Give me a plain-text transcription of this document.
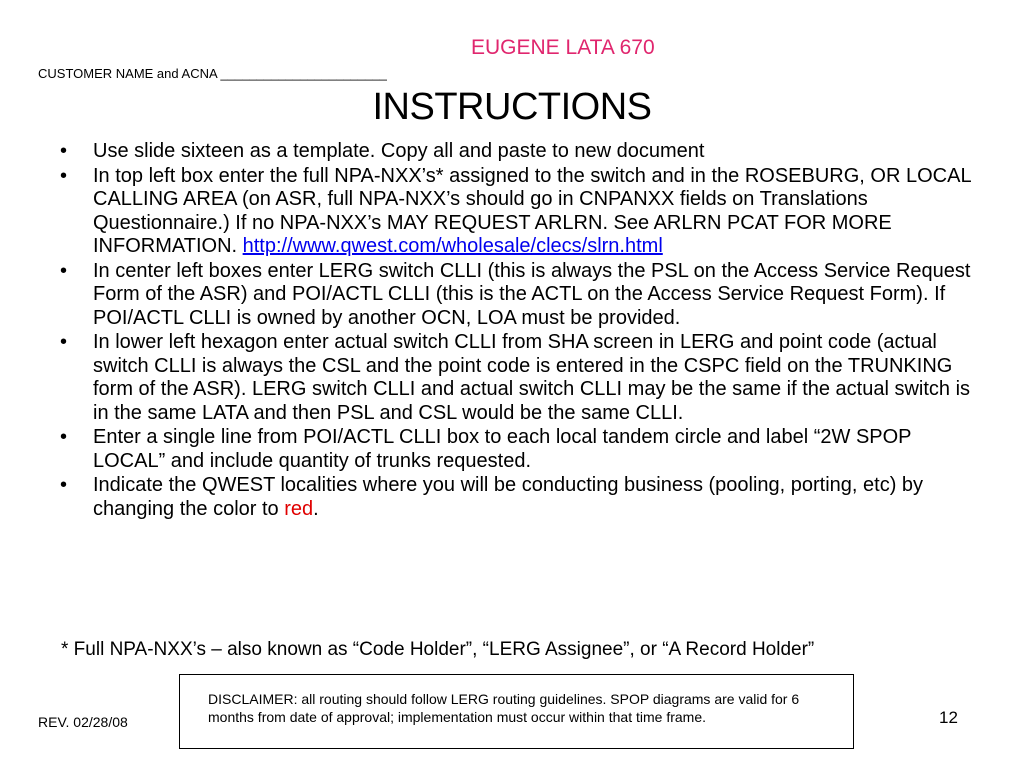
EUGENE LATA 670
CUSTOMER NAME and ACNA _______________________
INSTRUCTIONS
• Use slide sixteen as a template. Copy all and paste to new document
• In top left box enter the full NPA-NXX’s* assigned to the switch and in the ROSEBURG, OR LOCAL CALLING AREA (on ASR, full NPA-NXX’s should go in CNPANXX fields on Translations Questionnaire.) If no NPA-NXX’s MAY REQUEST ARLRN. See ARLRN PCAT FOR MORE INFORMATION. http://www.qwest.com/wholesale/clecs/slrn.html
• In center left boxes enter LERG switch CLLI (this is always the PSL on the Access Service Request Form of the ASR) and POI/ACTL CLLI (this is the ACTL on the Access Service Request Form). If POI/ACTL CLLI is owned by another OCN, LOA must be provided.
• In lower left hexagon enter actual switch CLLI from SHA screen in LERG and point code (actual switch CLLI is always the CSL and the point code is entered in the CSPC field on the TRUNKING form of the ASR). LERG switch CLLI and actual switch CLLI may be the same if the actual switch is in the same LATA and then PSL and CSL would be the same CLLI.
• Enter a single line from POI/ACTL CLLI box to each local tandem circle and label “2W SPOP LOCAL” and include quantity of trunks requested.
• Indicate the QWEST localities where you will be conducting business (pooling, porting, etc) by changing the color to red.
* Full NPA-NXX’s – also known as “Code Holder”, “LERG Assignee”, or “A Record Holder”
DISCLAIMER: all routing should follow LERG routing guidelines. SPOP diagrams are valid for 6 months from date of approval; implementation must occur within that time frame.
REV. 02/28/08	12
